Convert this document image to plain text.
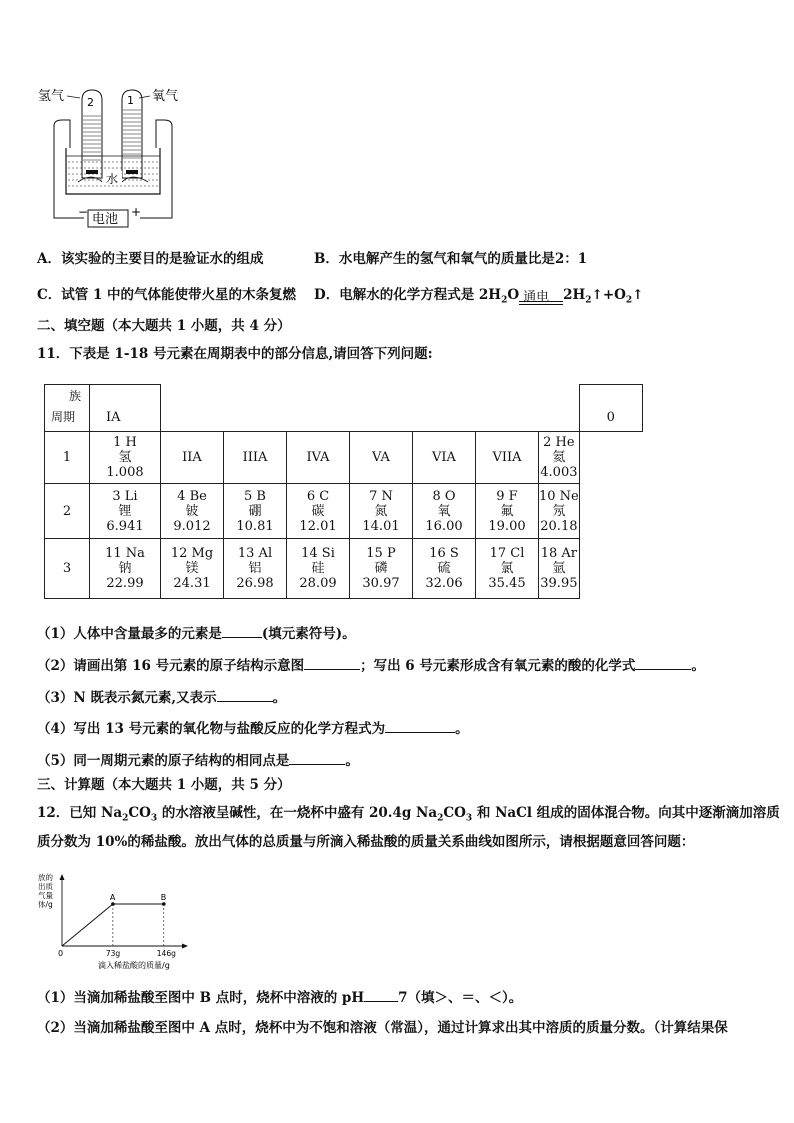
氢气	氧气
2	1
水
电池
−	+
A．该实验的主要目的是验证水的组成	B．水电解产生的氢气和氧气的质量比是2：1
C．试管 1 中的气体能使带火星的木条复燃 D．电解水的化学方程式是 $2H_2O$ 通电 $2H_2↑+O_2↑$
二、填空题（本大题共 1 小题，共 4 分）
11．下表是 1-18 号元素在周期表中的部分信息,请回答下列问题:
族
周期	IA								0
1	1 H
氢
1.008	IIA	IIIA	IVA	VA	VIA	VIIA	2 He
氦
4.003	

2	3 Li
锂
6.941	4 Be
铍
9.012	5 B
硼
10.81	6 C
碳
12.01	7 N
氮
14.01	8 O
氧
16.00	9 F
氟
19.00	10 Ne
氖
20.18	

3	11 Na
钠
22.99	12 Mg
镁
24.31	13 Al
铝
26.98	14 Si
硅
28.09	15 P
磷
30.97	16 S
硫
32.06	17 Cl
氯
35.45	18 Ar
氩
39.95	
（1）人体中含量最多的元素是	(填元素符号)。
（2）请画出第 16 号元素的原子结构示意图	；写出 6 号元素形成含有氧元素的酸的化学式	。
（3）N 既表示氮元素,又表示	。
（4）写出 13 号元素的氧化物与盐酸反应的化学方程式为	。
（5）同一周期元素的原子结构的相同点是	。
三、计算题（本大题共 1 小题，共 5 分）
12．已知 $Na_2CO_3$ 的水溶液呈碱性，在一烧杯中盛有 20.4g $Na_2CO_3$ 和 NaCl 组成的固体混合物。向其中逐渐滴加溶质
质分数为 10%的稀盐酸。放出气体的总质量与所滴入稀盐酸的质量关系曲线如图所示，请根据题意回答问题：
放的
出质
气量
体/g
0
A
73g
B
146g
滴入稀盐酸的质量/g
（1）当滴加稀盐酸至图中 B 点时，烧杯中溶液的 pH	7（填＞、＝、＜）。
（2）当滴加稀盐酸至图中 A 点时，烧杯中为不饱和溶液（常温），通过计算求出其中溶质的质量分数。（计算结果保
